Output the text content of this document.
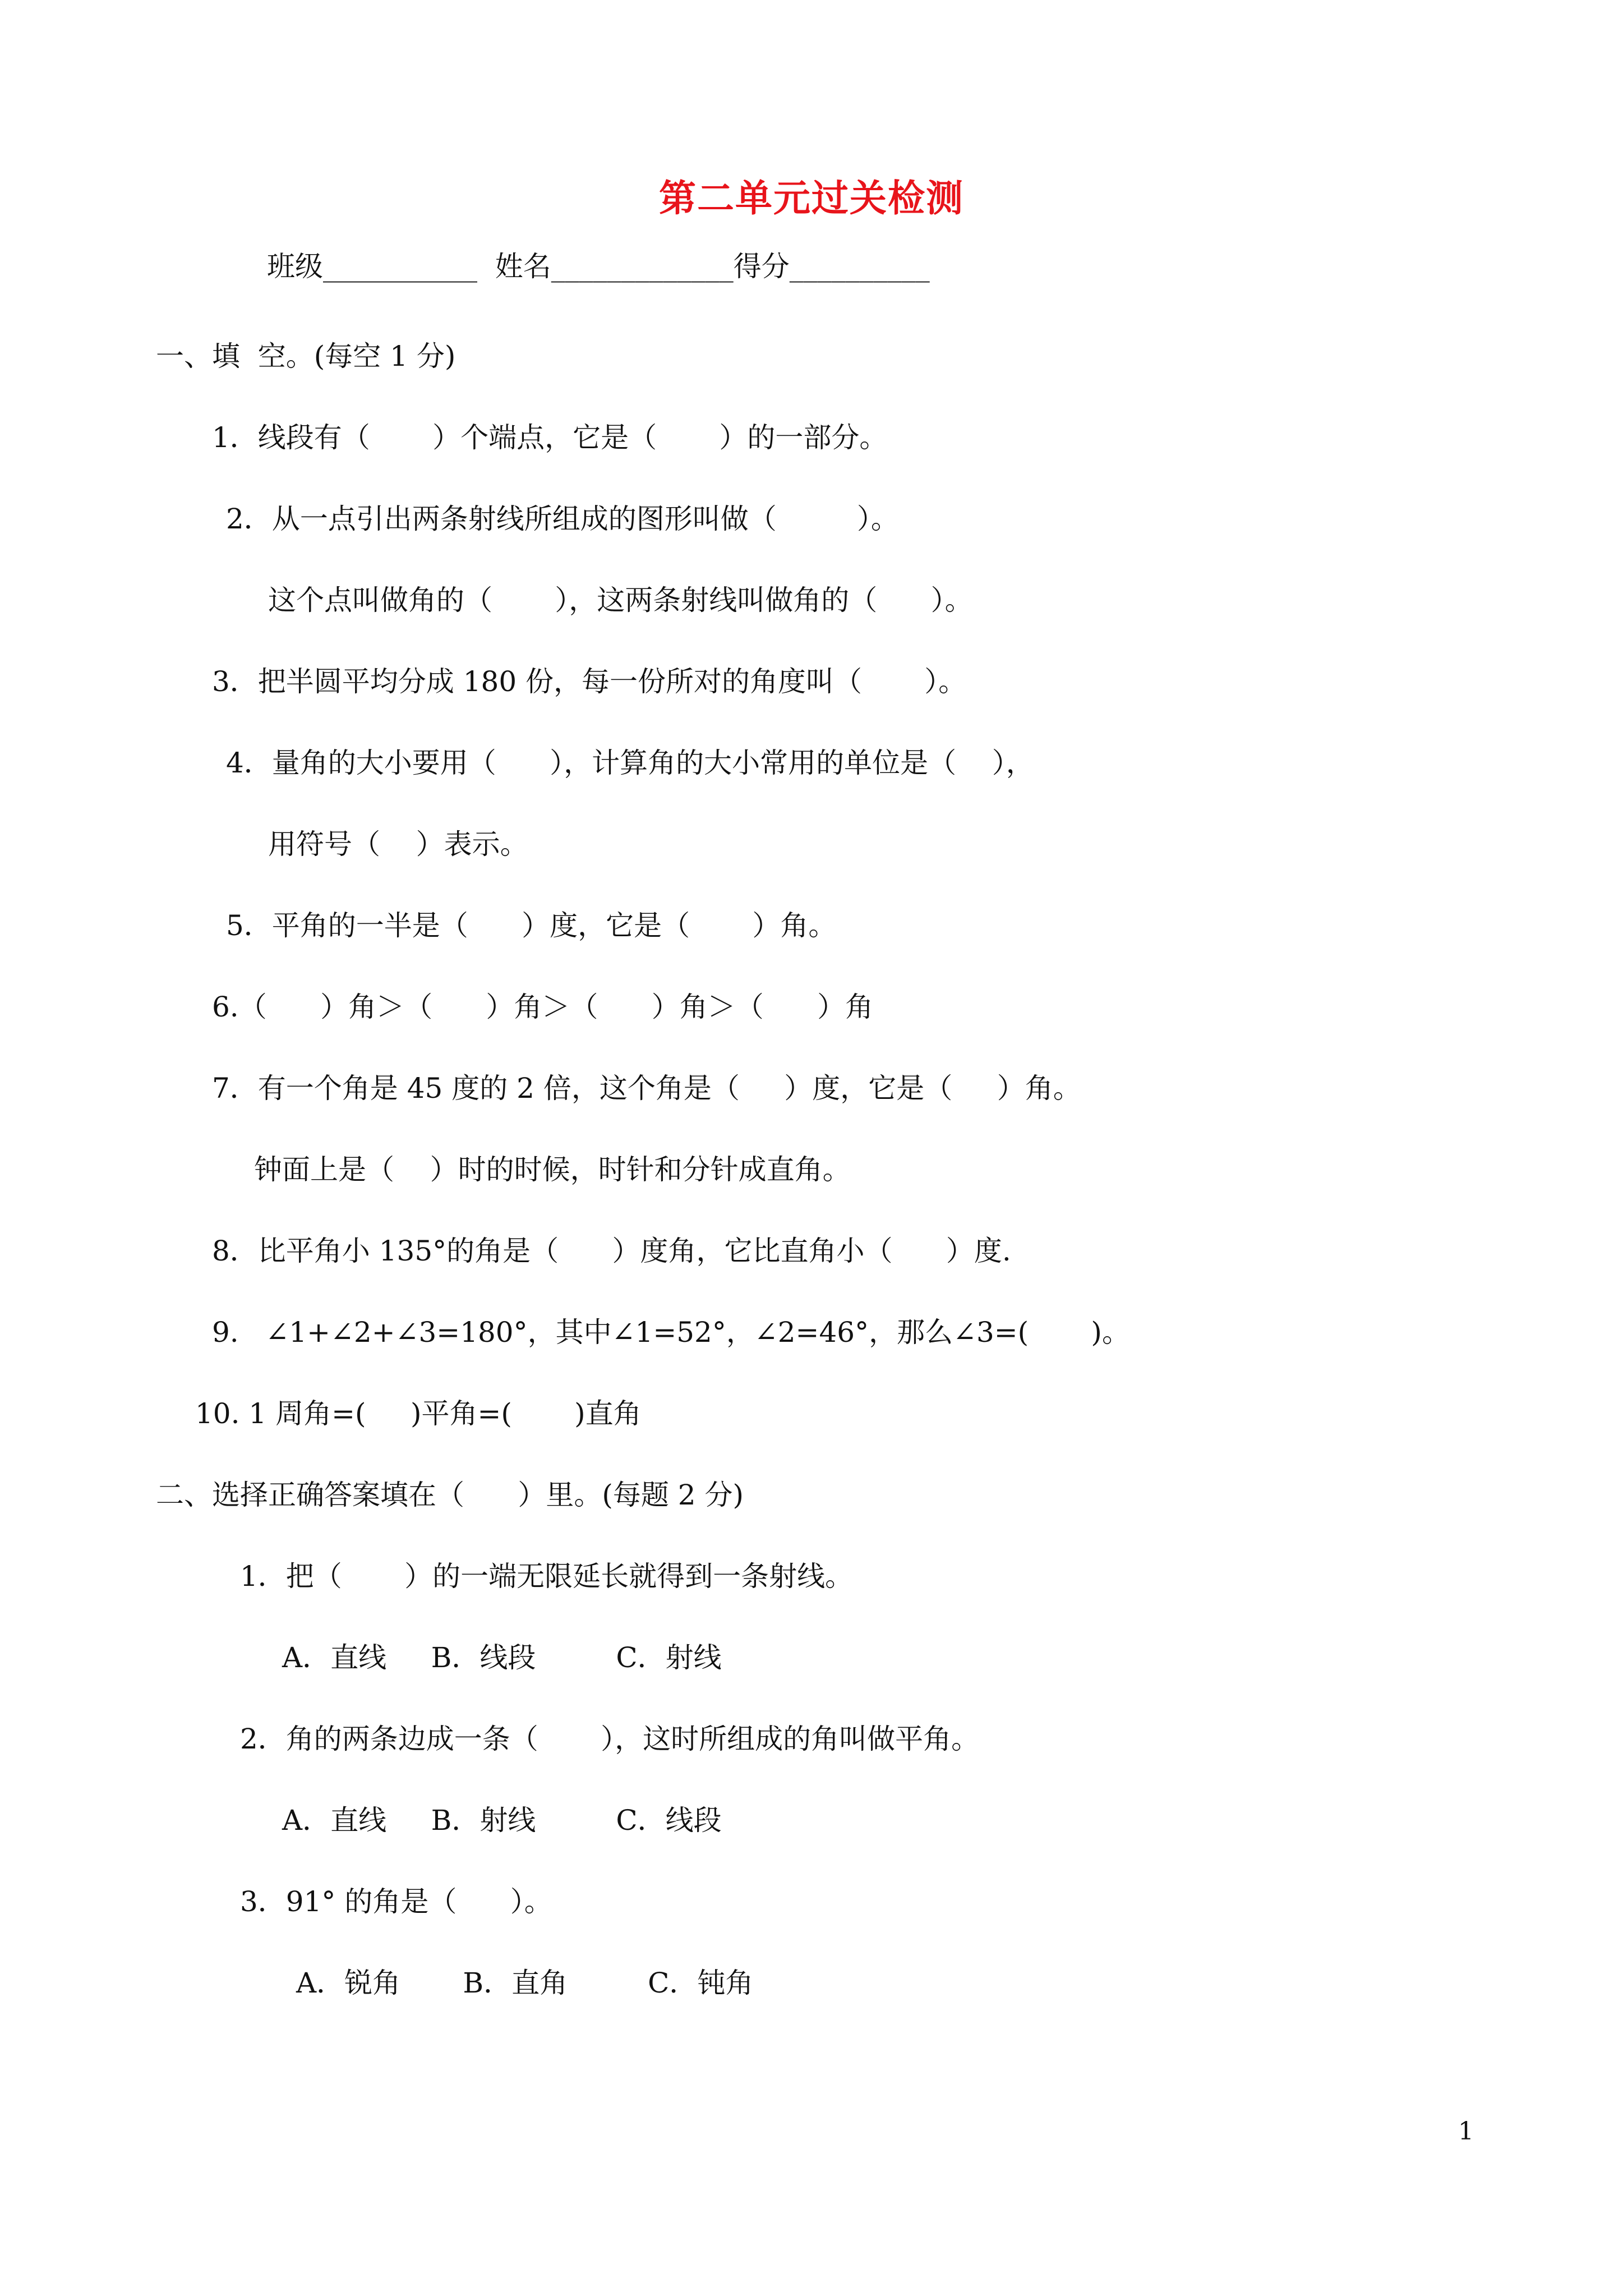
第二单元过关检测
班级___________  姓名_____________得分__________
一、填  空。(每空 1 分)
1．线段有（       ）个端点，它是（       ）的一部分。
2．从一点引出两条射线所组成的图形叫做（         ）。
这个点叫做角的（       ），这两条射线叫做角的（      ）。
3．把半圆平均分成 180 份，每一份所对的角度叫（       ）。
4．量角的大小要用（      ），计算角的大小常用的单位是（    ），
用符号（    ）表示。
5．平角的一半是（      ）度，它是（       ）角。
6.（      ）角＞（      ）角＞（      ）角＞（      ）角
7．有一个角是 45 度的 2 倍，这个角是（     ）度，它是（     ）角。
钟面上是（    ）时的时候，时针和分针成直角。
8．比平角小 135°的角是（      ）度角，它比直角小（      ）度.
9.   ∠1+∠2+∠3=180°，其中∠1=52°，∠2=46°，那么∠3=(       )。
10. 1 周角=(     )平角=(       )直角
二、选择正确答案填在（      ）里。(每题 2 分)
1．把（       ）的一端无限延长就得到一条射线。
A．直线     B．线段         C．射线
2．角的两条边成一条（       ），这时所组成的角叫做平角。
A．直线     B．射线         C．线段
3．91° 的角是（      ）。
A．锐角       B．直角         C．钝角
1
